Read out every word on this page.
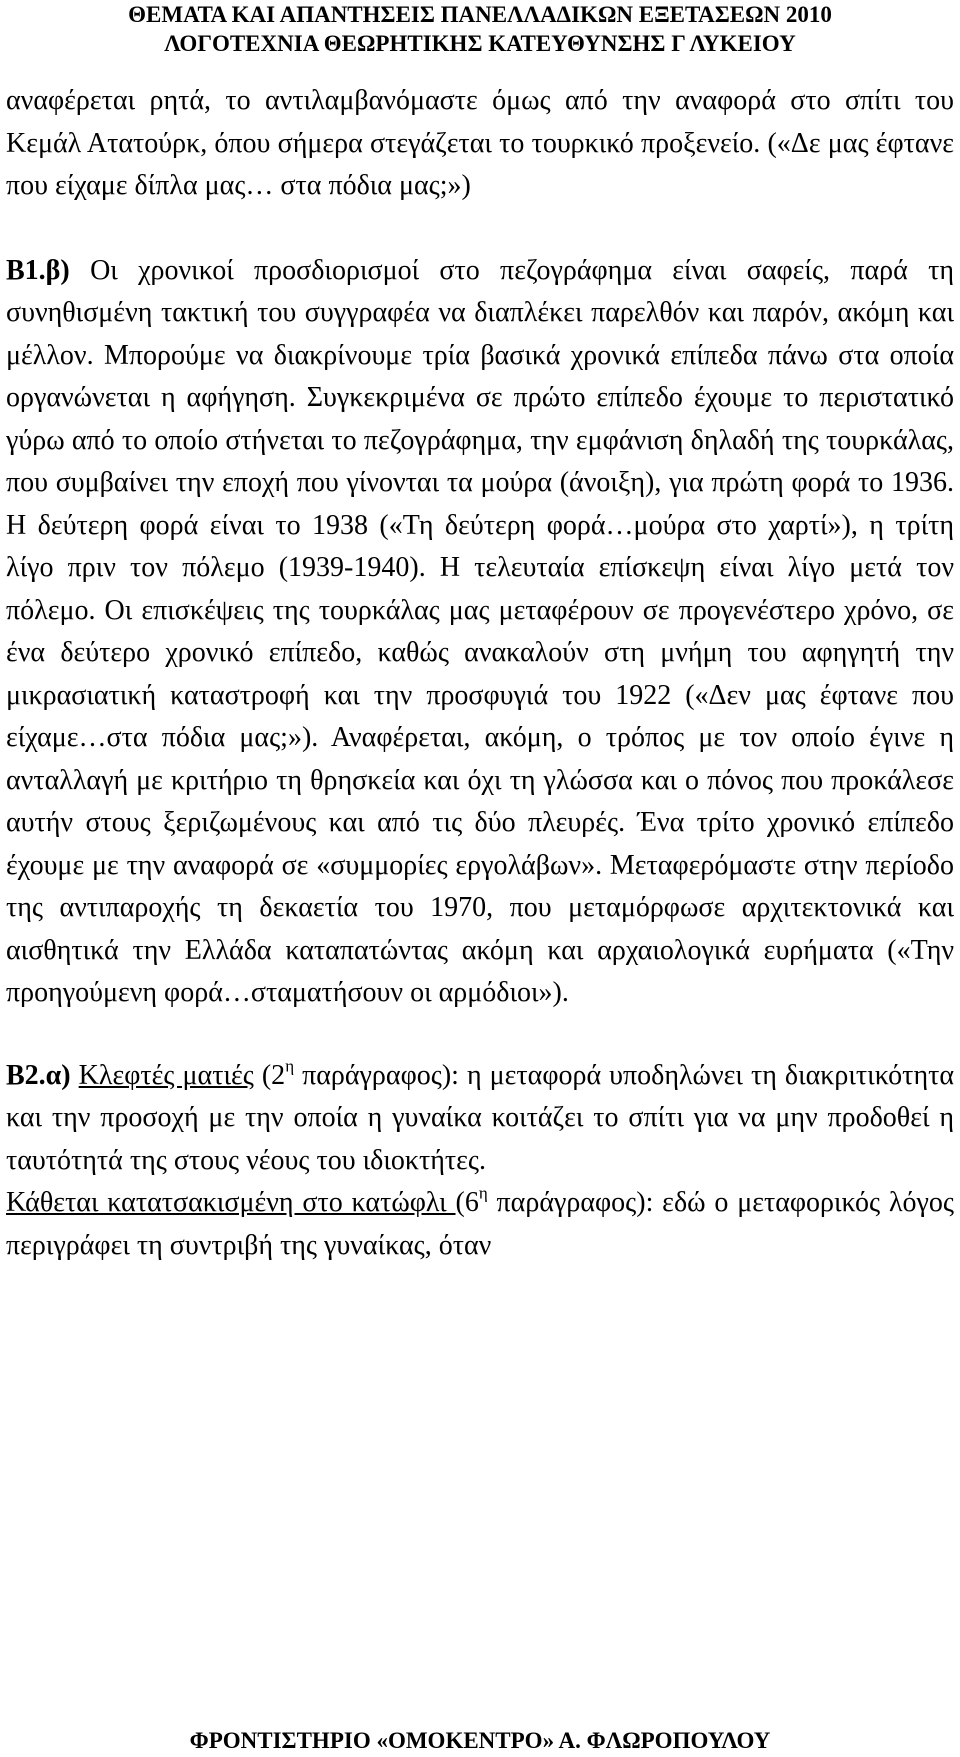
ΘΕΜΑΤΑ ΚΑΙ ΑΠΑΝΤΗΣΕΙΣ ΠΑΝΕΛΛΑΔΙΚΩΝ ΕΞΕΤΑΣΕΩΝ 2010
ΛΟΓΟΤΕΧΝΙΑ ΘΕΩΡΗΤΙΚΗΣ ΚΑΤΕΥΘΥΝΣΗΣ Γ ΛΥΚΕΙΟΥ

αναφέρεται ρητά, το αντιλαμβανόμαστε όμως από την αναφορά στο σπίτι του Κεμάλ Ατατούρκ, όπου σήμερα στεγάζεται το τουρκικό προξενείο. («Δε μας έφτανε που είχαμε δίπλα μας… στα πόδια μας;»)

Β1.β) Οι χρονικοί προσδιορισμοί στο πεζογράφημα είναι σαφείς, παρά τη συνηθισμένη τακτική του συγγραφέα να διαπλέκει παρελθόν και παρόν, ακόμη και μέλλον. Μπορούμε να διακρίνουμε τρία βασικά χρονικά επίπεδα πάνω στα οποία οργανώνεται η αφήγηση. Συγκεκριμένα σε πρώτο επίπεδο έχουμε το περιστατικό γύρω από το οποίο στήνεται το πεζογράφημα, την εμφάνιση δηλαδή της τουρκάλας, που συμβαίνει την εποχή που γίνονται τα μούρα (άνοιξη), για πρώτη φορά το 1936. Η δεύτερη φορά είναι το 1938 («Τη δεύτερη φορά…μούρα στο χαρτί»), η τρίτη λίγο πριν τον πόλεμο (1939-1940). Η τελευταία επίσκεψη είναι λίγο μετά τον πόλεμο. Οι επισκέψεις της τουρκάλας μας μεταφέρουν σε προγενέστερο χρόνο, σε ένα δεύτερο χρονικό επίπεδο, καθώς ανακαλούν στη μνήμη του αφηγητή την μικρασιατική καταστροφή και την προσφυγιά του 1922 («Δεν μας έφτανε που είχαμε…στα πόδια μας;»). Αναφέρεται, ακόμη, ο τρόπος με τον οποίο έγινε η ανταλλαγή με κριτήριο τη θρησκεία και όχι τη γλώσσα και ο πόνος που προκάλεσε αυτήν στους ξεριζωμένους και από τις δύο πλευρές. Ένα τρίτο χρονικό επίπεδο έχουμε με την αναφορά σε «συμμορίες εργολάβων». Μεταφερόμαστε στην περίοδο της αντιπαροχής τη δεκαετία του 1970, που μεταμόρφωσε αρχιτεκτονικά και αισθητικά την Ελλάδα καταπατώντας ακόμη και αρχαιολογικά ευρήματα («Την προηγούμενη φορά…σταματήσουν οι αρμόδιοι»).

Β2.α) Κλεφτές ματιές ($2^\eta$ παράγραφος): η μεταφορά υποδηλώνει τη διακριτικότητα και την προσοχή με την οποία η γυναίκα κοιτάζει το σπίτι για να μην προδοθεί η ταυτότητά της στους νέους του ιδιοκτήτες.

Κάθεται κατατσακισμένη στο κατώφλι ($6^\eta$ παράγραφος): εδώ ο μεταφορικός λόγος περιγράφει τη συντριβή της γυναίκας, όταν

ΦΡΟΝΤΙΣΤΗΡΙΟ «ΟΜΟΚΕΝΤΡΟ» Α. ΦΛΩΡΟΠΟΥΛΟΥ
